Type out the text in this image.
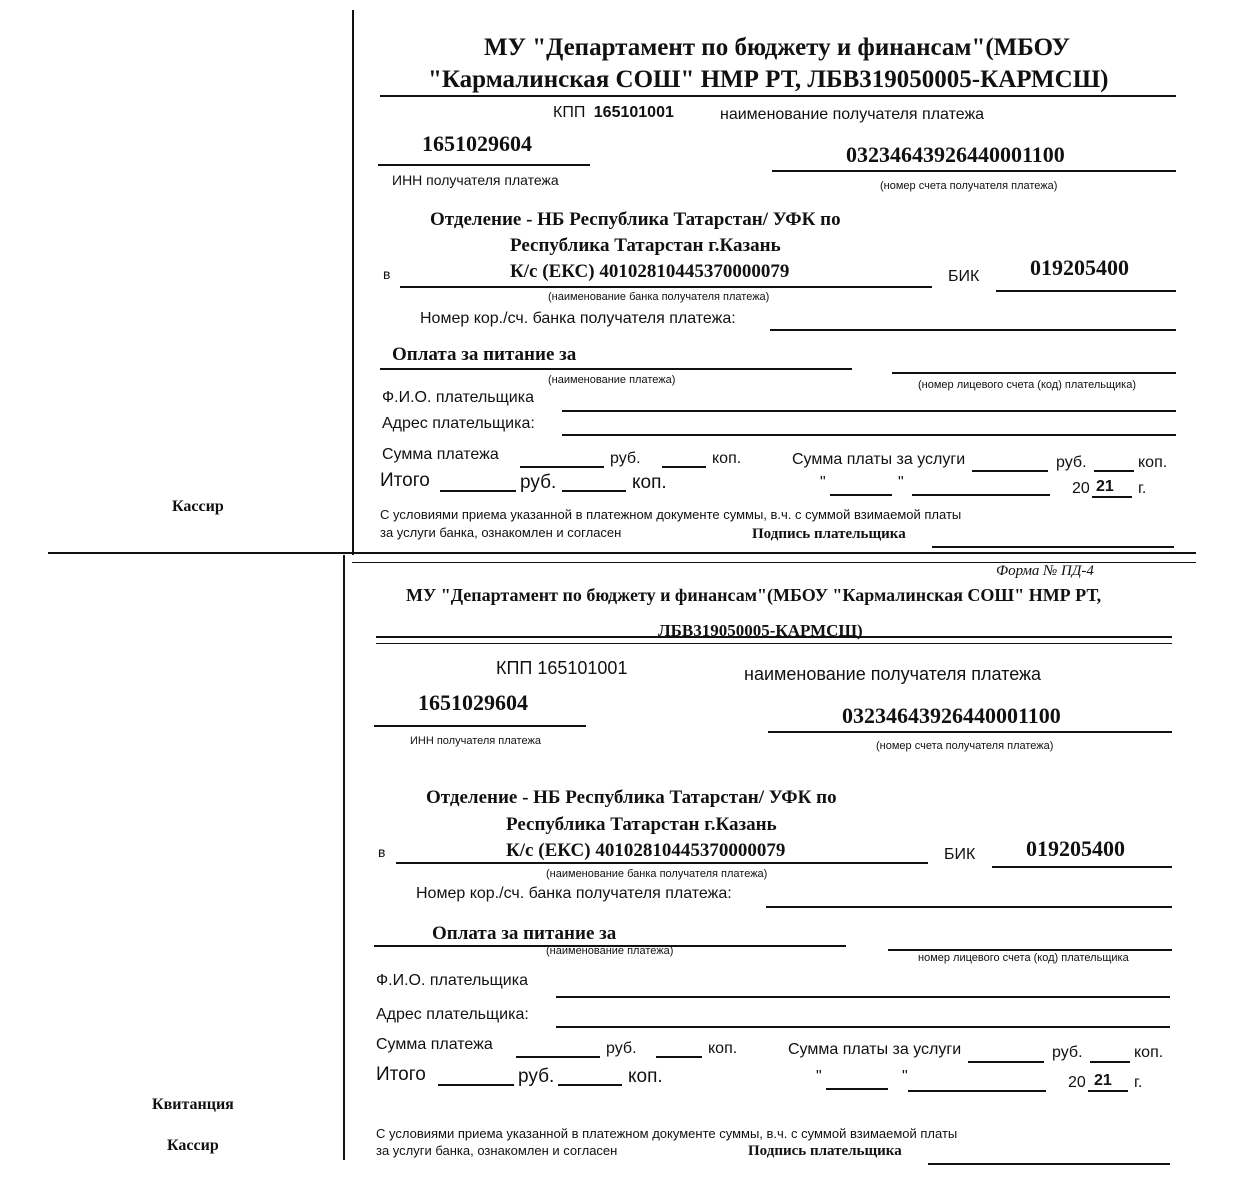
Кассир
Квитанция
Кассир
МУ "Департамент по бюджету и финансам"(МБОУ
"Кармалинская СОШ" НМР РТ, ЛБВ319050005-КАРМСШ)
КПП 165101001	наименование получателя платежа
1651029604
ИНН получателя платежа
03234643926440001100
(номер счета получателя платежа)
Отделение - НБ Республика Татарстан/ УФК по
Республика Татарстан г.Казань
в	К/с (ЕКС) 40102810445370000079
(наименование банка получателя платежа)
БИК 019205400
Номер кор./сч. банка получателя платежа:
Оплата за питание за
(наименование платежа)	(номер лицевого счета (код) плательщика)
Ф.И.О. плательщика
Адрес плательщика:
Сумма платежа	руб.	коп.	Сумма платы за услуги	руб.	коп.
Итого	руб.	коп.	"	"	20 21 г.
С условиями приема указанной в платежном документе суммы, в.ч. с суммой взимаемой платы
за услуги банка, ознакомлен и согласен	Подпись плательщика
Форма № ПД-4
МУ "Департамент по бюджету и финансам"(МБОУ "Кармалинская СОШ" НМР РТ,
ЛБВ319050005-КАРМСШ)
КПП 165101001	наименование получателя платежа
1651029604
ИНН получателя платежа
03234643926440001100
(номер счета получателя платежа)
Отделение - НБ Республика Татарстан/ УФК по
Республика Татарстан г.Казань
в	К/с (ЕКС) 40102810445370000079
(наименование банка получателя платежа)
БИК 019205400
Номер кор./сч. банка получателя платежа:
Оплата за питание за
(наименование платежа)
номер лицевого счета (код) плательщика
Ф.И.О. плательщика
Адрес плательщика:
Сумма платежа	руб.	коп.	Сумма платы за услуги	руб.	коп.
Итого	руб.	коп.	"	"	20 21 г.
С условиями приема указанной в платежном документе суммы, в.ч. с суммой взимаемой платы
за услуги банка, ознакомлен и согласен	Подпись плательщика
